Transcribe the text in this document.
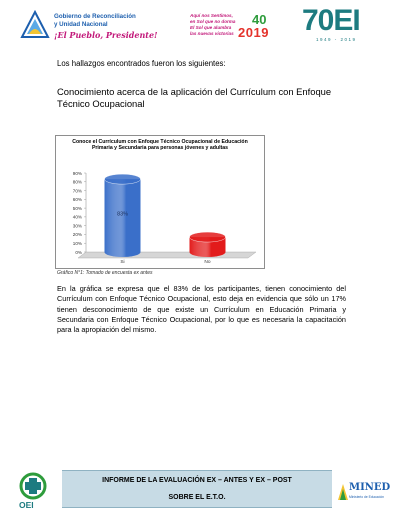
Gobierno de Reconciliación
y Unidad Nacional
¡El Pueblo, Presidente!
Aquí nos Sentimos,
en Sol que no dorma
El Sol que alumbra
las nuevas victorias
40
2019 70EI
1949 - 2019
Los hallazgos encontrados fueron los siguientes:
Conocimiento acerca de la aplicación del Currículum con Enfoque Técnico Ocupacional
0%
10%
20%
30%
40%
50%
60%
70%
80%
90%
83%
Si	No
Conoce el Currículum con Enfoque Técnico Ocupacional de Educación Primaria y Secundaria para personas jóvenes y adultas
Gráfico N°1: Tomado de encuesta ex antes
En la gráfica se expresa que el 83% de los participantes, tienen conocimiento del Currículum con Enfoque Técnico Ocupacional, esto deja en evidencia que sólo un 17% tienen desconocimiento de que existe un Currículum en Educación Primaria y Secundaria con Enfoque Técnico Ocupacional, por lo que es necesaria la capacitación para la apropiación del mismo.
OEI
INFORME DE LA EVALUACIÓN EX – ANTES Y EX – POST
SOBRE EL E.T.O.
MINED
Ministerio de Educación
